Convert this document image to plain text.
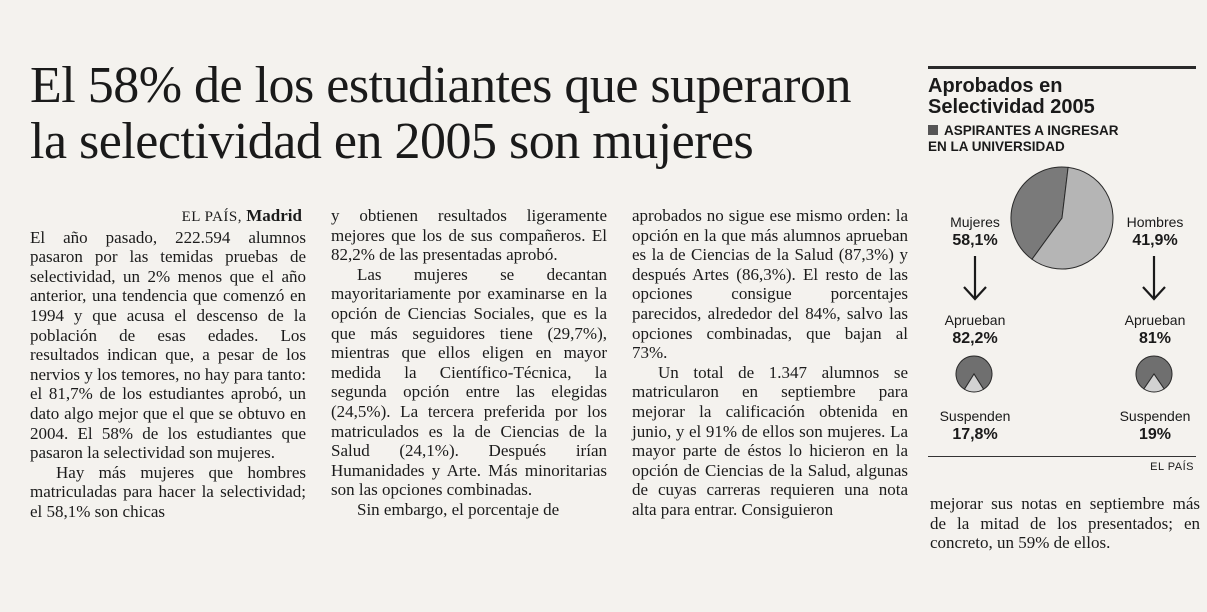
El 58% de los estudiantes que superaron
la selectividad en 2005 son mujeres
EL PAÍS, Madrid

El año pasado, 222.594 alumnos pasaron por las temidas pruebas de selectividad, un 2% menos que el año anterior, una tendencia que comenzó en 1994 y que acusa el descenso de la población de esas edades. Los resultados indican que, a pesar de los nervios y los temores, no hay para tanto: el 81,7% de los estudiantes aprobó, un dato algo mejor que el que se obtuvo en 2004. El 58% de los estudiantes que pasaron la selectividad son mujeres.

Hay más mujeres que hombres matriculadas para hacer la selectividad; el 58,1% son chicas

y obtienen resultados ligeramente mejores que los de sus compañeros. El 82,2% de las presentadas aprobó.

Las mujeres se decantan mayoritariamente por examinarse en la opción de Ciencias Sociales, que es la que más seguidores tiene (29,7%), mientras que ellos eligen en mayor medida la Científico-Técnica, la segunda opción entre las elegidas (24,5%). La tercera preferida por los matriculados es la de Ciencias de la Salud (24,1%). Después irían Humanidades y Arte. Más minoritarias son las opciones combinadas.

Sin embargo, el porcentaje de

aprobados no sigue ese mismo orden: la opción en la que más alumnos aprueban es la de Ciencias de la Salud (87,3%) y después Artes (86,3%). El resto de las opciones consigue porcentajes parecidos, alrededor del 84%, salvo las opciones combinadas, que bajan al 73%.

Un total de 1.347 alumnos se matricularon en septiembre para mejorar la calificación obtenida en junio, y el 91% de ellos son mujeres. La mayor parte de éstos lo hicieron en la opción de Ciencias de la Salud, algunas de cuyas carreras requieren una nota alta para entrar. Consiguieron	mejorar sus notas en septiembre más de la mitad de los presentados; en concreto, un 59% de ellos.

Aprobados en
Selectividad 2005
ASPIRANTES A INGRESAR
EN LA UNIVERSIDAD
Mujeres
58,1%
Hombres
41,9%
Aprueban
82,2%
Aprueban
81%
Suspenden
17,8%
Suspenden
19%
EL PAÍS
